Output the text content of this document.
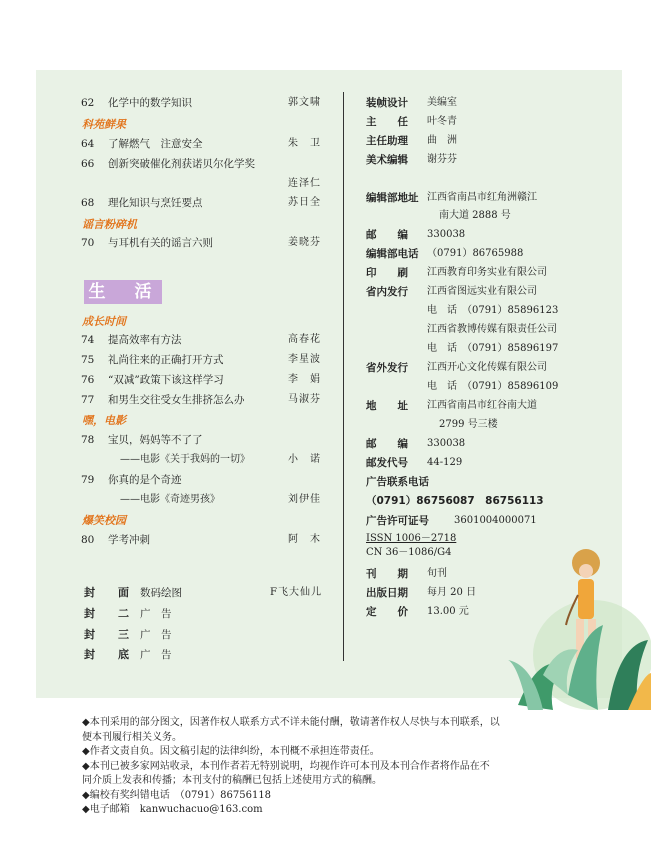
62	化学中的数学知识	郭文啸
科苑鲜果
64	了解燃气　注意安全	朱　卫
66	创新突破催化剂获诺贝尔化学奖
连泽仁
68	理化知识与烹饪要点	苏日全
谣言粉碎机
70	与耳机有关的谣言六则	姜晓芬
生　活
成长时间
74	提高效率有方法	高春花
75	礼尚往来的正确打开方式	李星波
76	“双减”政策下该这样学习	李　娟
77	和男生交往受女生排挤怎么办	马淑芬
嘿，电影
78	宝贝，妈妈等不了了
——电影《关于我妈的一切》	小　诺
79	你真的是个奇迹
——电影《奇迹男孩》	刘伊佳
爆笑校园
80	学考冲刺	阿　木
封　面 数码绘图	F飞大仙儿
封　二 广　告
封　三 广　告
封　底 广　告
装帧设计 美编室
主　　任 叶冬青
主任助理 曲　洲
美术编辑 谢芬芬
编辑部地址 江西省南昌市红角洲赣江
南大道 2888 号
邮　　编 330038
编辑部电话 （0791）86765988
印　　刷 江西教育印务实业有限公司
省内发行 江西省图远实业有限公司
电　话　（0791）85896123
江西省教博传媒有限责任公司
电　话　（0791）85896197
省外发行 江西开心文化传媒有限公司
电　话　（0791）85896109
地　　址 江西省南昌市红谷南大道
2799 号三楼
邮　　编 330038
邮发代号 44-129
广告联系电话
（0791）86756087　86756113
广告许可证号	3601004000071
ISSN 1006－2718
CN 36－1086/G4
刊　　期 旬刊
出版日期 每月 20 日
定　　价 13.00 元
◆本刊采用的部分图文，因著作权人联系方式不详未能付酬，敬请著作权人尽快与本刊联系，以
便本刊履行相关义务。
◆作者文责自负。因文稿引起的法律纠纷，本刊概不承担连带责任。
◆本刊已被多家网站收录，本刊作者若无特别说明，均视作许可本刊及本刊合作者将作品在不
同介质上发表和传播；本刊支付的稿酬已包括上述使用方式的稿酬。
◆编校有奖纠错电话　（0791）86756118
◆电子邮箱　kanwuchacuo@163.com
